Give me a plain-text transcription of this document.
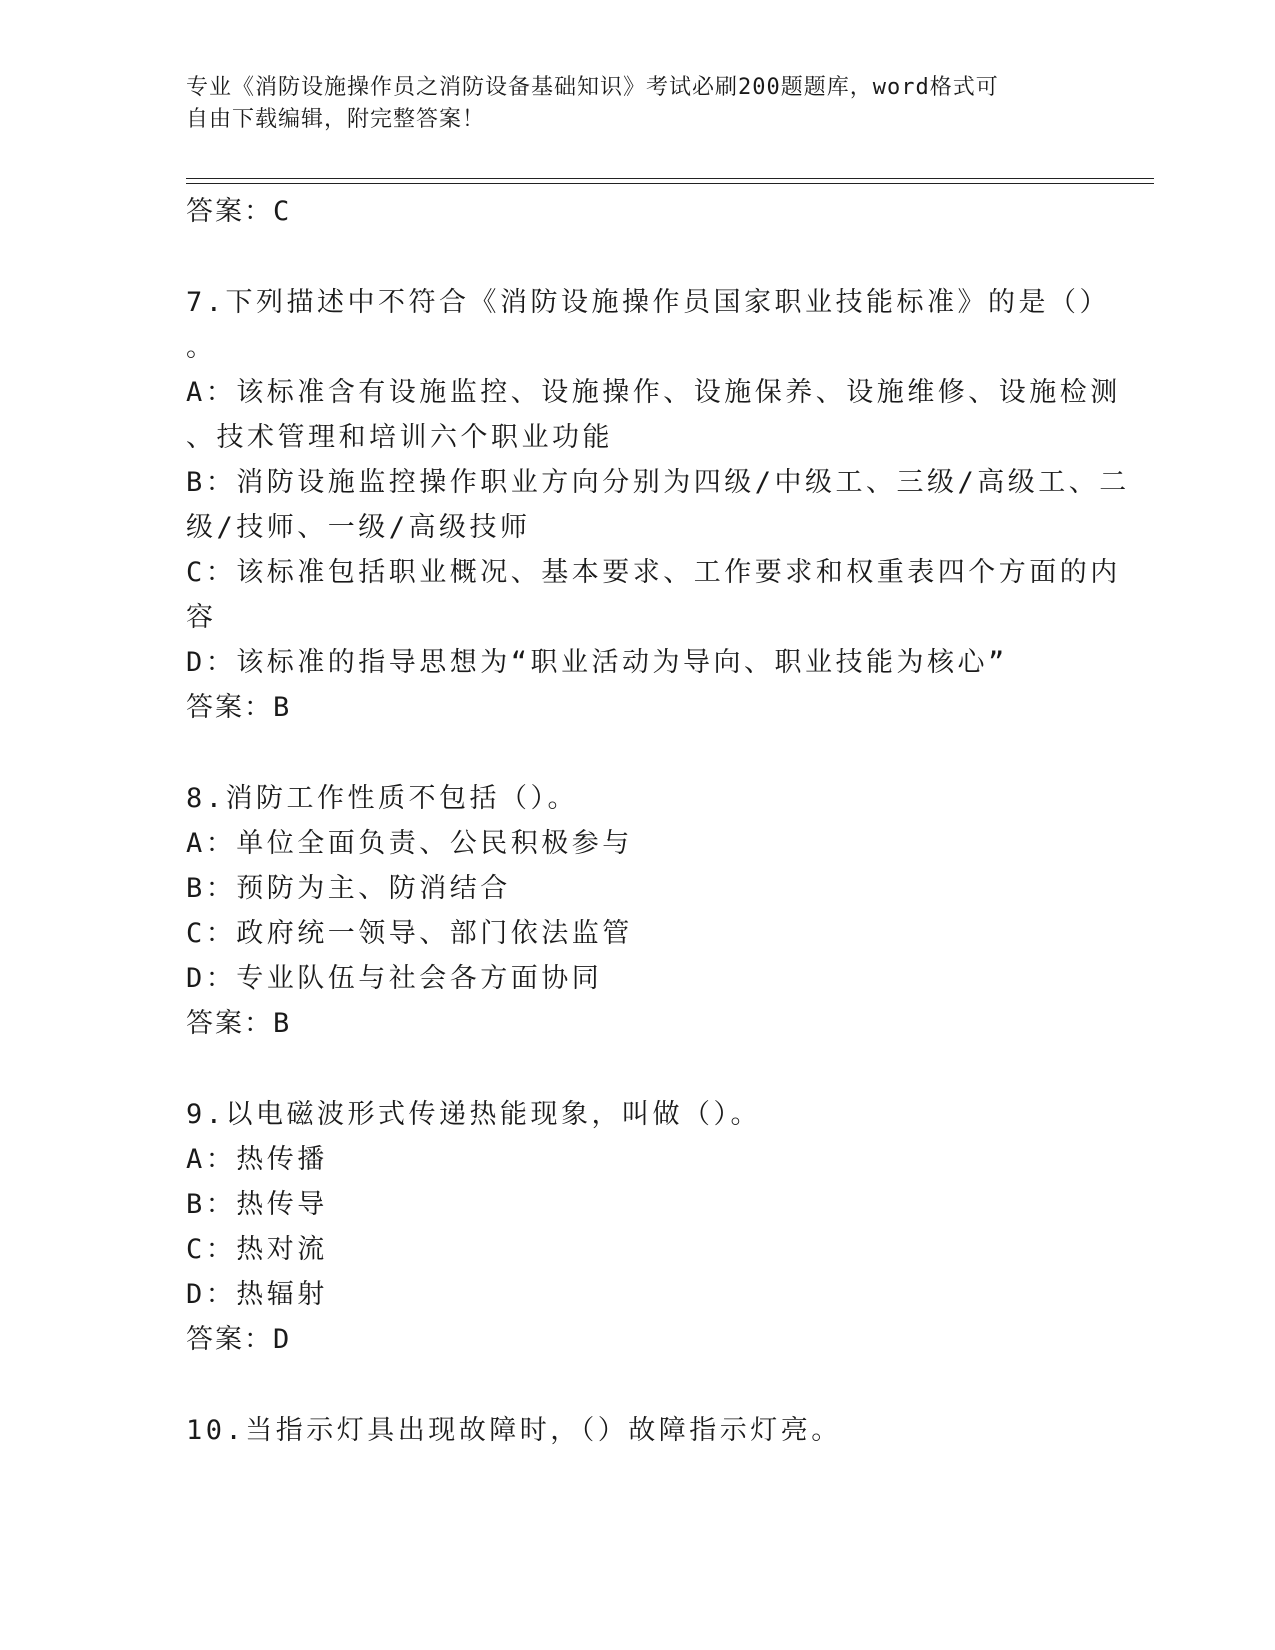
专业《消防设施操作员之消防设备基础知识》考试必刷200题题库，word格式可
自由下载编辑，附完整答案！
答案：C
7.下列描述中不符合《消防设施操作员国家职业技能标准》的是（）
。
A：该标准含有设施监控、设施操作、设施保养、设施维修、设施检测
、技术管理和培训六个职业功能
B：消防设施监控操作职业方向分别为四级/中级工、三级/高级工、二
级/技师、一级/高级技师
C：该标准包括职业概况、基本要求、工作要求和权重表四个方面的内
容
D：该标准的指导思想为“职业活动为导向、职业技能为核心”
答案：B
8.消防工作性质不包括（）。
A：单位全面负责、公民积极参与
B：预防为主、防消结合
C：政府统一领导、部门依法监管
D：专业队伍与社会各方面协同
答案：B
9.以电磁波形式传递热能现象，叫做（）。
A：热传播
B：热传导
C：热对流
D：热辐射
答案：D
10.当指示灯具出现故障时，（）故障指示灯亮。
